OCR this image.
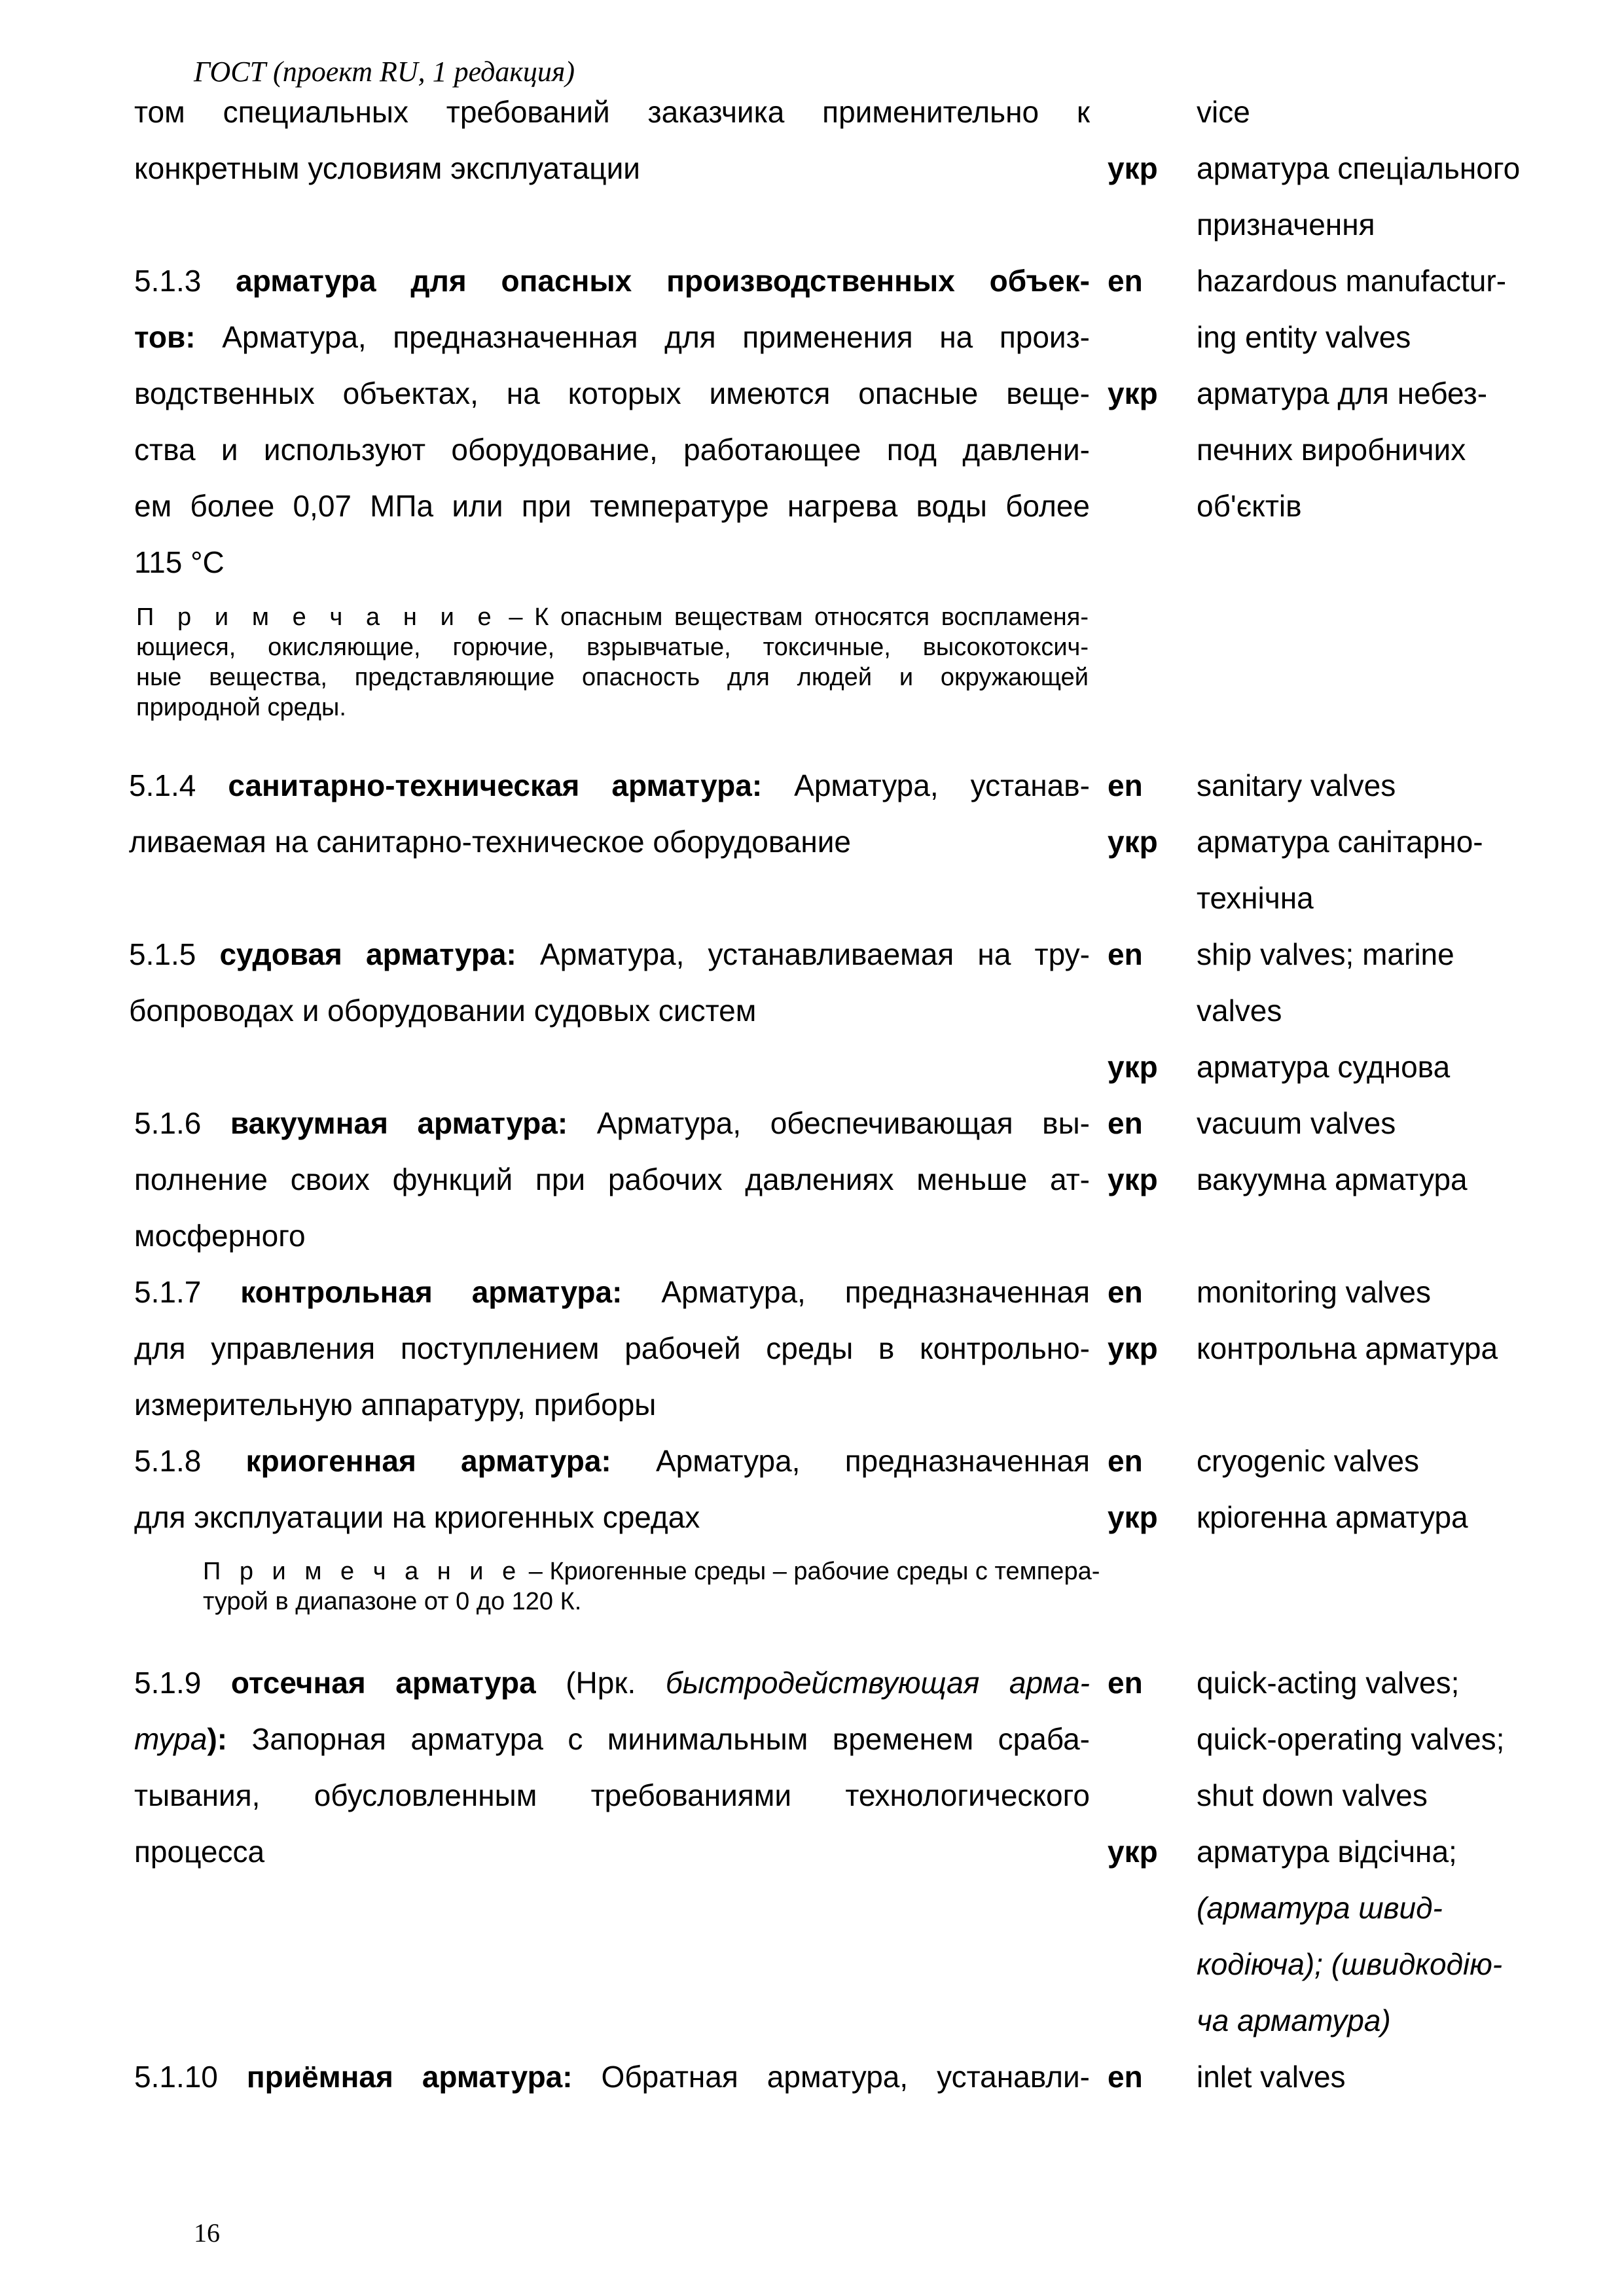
ГОСТ (проект RU, 1 редакция)
том специальных требований заказчика применительно к
конкретным условиям эксплуатации
vice
укр арматура спеціального
призначення
5.1.3 арматура для опасных производственных объек-
тов: Арматура, предназначенная для применения на произ-
водственных объектах, на которых имеются опасные веще-
ства и используют оборудование, работающее под давлени-
ем более 0,07 МПа или при температуре нагрева воды более
115 °С
П р и м е ч а н и е – К опасным веществам относятся воспламеня-
ющиеся, окисляющие, горючие, взрывчатые, токсичные, высокотоксич-
ные вещества, представляющие опасность для людей и окружающей
природной среды.
en hazardous manufactur-
ing entity valves
укр арматура для небез-
печних виробничих
об'єктів
5.1.4 санитарно-техническая арматура: Арматура, устанав-
ливаемая на санитарно-техническое оборудование
en sanitary valves
укр арматура санітарно-
технічна
5.1.5 судовая арматура: Арматура, устанавливаемая на тру-
бопроводах и оборудовании судовых систем
en ship valves; marine
valves
укр арматура суднова
5.1.6 вакуумная арматура: Арматура, обеспечивающая вы-
полнение своих функций при рабочих давлениях меньше ат-
мосферного
en vacuum valves
укр вакуумна арматура
5.1.7 контрольная арматура: Арматура, предназначенная
для управления поступлением рабочей среды в контрольно-
измерительную аппаратуру, приборы
en monitoring valves
укр контрольна арматура
5.1.8 криогенная арматура: Арматура, предназначенная
для эксплуатации на криогенных средах
П р и м е ч а н и е – Криогенные среды – рабочие среды с темпера-
турой в диапазоне от 0 до 120 К.
en cryogenic valves
укр кріогенна арматура
5.1.9 отсечная арматура (Нрк. быстродействующая арма-
тура): Запорная арматура с минимальным временем сраба-
тывания, обусловленным требованиями технологического
процесса
en quick-acting valves;
quick-operating valves;
shut down valves
укр арматура відсічна;
(арматура швид-
кодіюча); (швидкодію-
ча арматура)
5.1.10 приёмная арматура: Обратная арматура, устанавли- en inlet valves
16
